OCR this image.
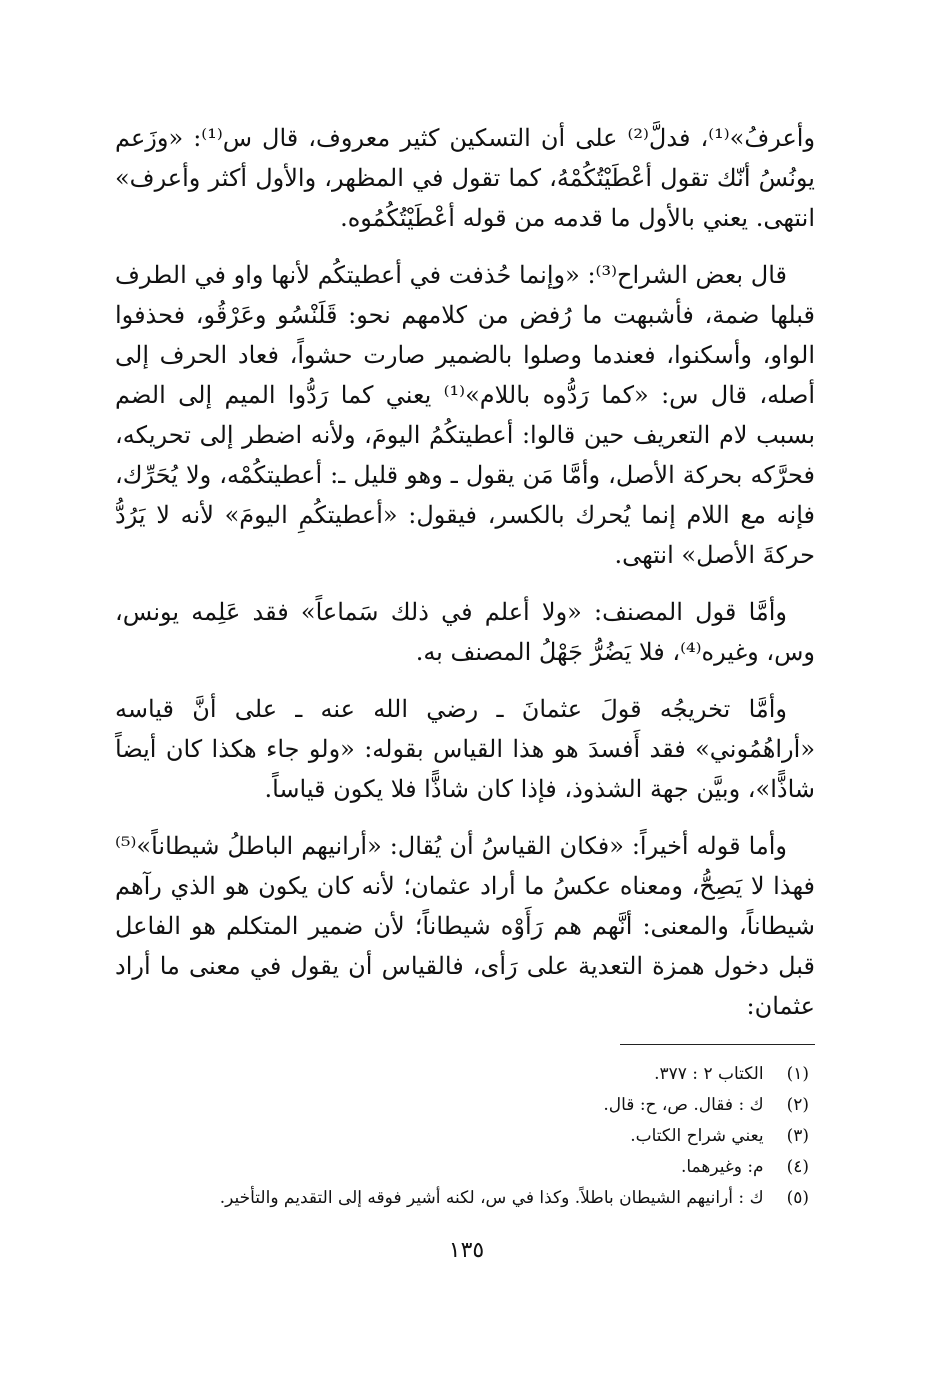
وأعرفُ»⁽¹⁾، فدلَّ⁽²⁾ على أن التسكين كثير معروف، قال س⁽¹⁾: «وزَعم يونُسُ أنّك تقول أعْطَيْتُكُمْهُ، كما تقول في المظهر، والأول أكثر وأعرف» انتهى. يعني بالأول ما قدمه من قوله أعْطَيْتُكُمُوه.

قال بعض الشراح⁽³⁾: «وإنما حُذفت في أعطيتكُم لأنها واو في الطرف قبلها ضمة، فأشبهت ما رُفض من كلامهم نحو: قَلَنْسُو وعَرْقُو، فحذفوا الواو، وأسكنوا، فعندما وصلوا بالضمير صارت حشواً، فعاد الحرف إلى أصله، قال س: «كما رَدُّوه باللام»⁽¹⁾ يعني كما رَدُّوا الميم إلى الضم بسبب لام التعريف حين قالوا: أعطيتكُمُ اليومَ، ولأنه اضطر إلى تحريكه، فحرَّكه بحركة الأصل، وأمَّا مَن يقول ـ وهو قليل ـ: أعطيتكُمْه، ولا يُحَرِّك، فإنه مع اللام إنما يُحرك بالكسر، فيقول: «أعطيتكُمِ اليومَ» لأنه لا يَرُدُّ حركةَ الأصل» انتهى.

وأمَّا قول المصنف: «ولا أعلم في ذلك سَماعاً» فقد عَلِمه يونس، وس، وغيره⁽⁴⁾، فلا يَضُرُّ جَهْلُ المصنف به.

وأمَّا تخريجُه قولَ عثمانَ ـ رضي الله عنه ـ على أنَّ قياسه «أراهُمُوني» فقد أَفسدَ هو هذا القياس بقوله: «ولو جاء هكذا كان أيضاً شاذًّا»، وبيَّن جهة الشذوذ، فإذا كان شاذًّا فلا يكون قياساً.

وأما قوله أخيراً: «فكان القياسُ أن يُقال: «أرانيهم الباطلُ شيطاناً»⁽⁵⁾ فهذا لا يَصِحُّ، ومعناه عكسُ ما أراد عثمان؛ لأنه كان يكون هو الذي رآهم شيطاناً، والمعنى: أنَّهم هم رَأَوْه شيطاناً؛ لأن ضمير المتكلم هو الفاعل قبل دخول همزة التعدية على رَأى، فالقياس أن يقول في معنى ما أراد عثمان:

(١) الكتاب ٢ : ٣٧٧.
(٢) ك : فقال. ص، ح: قال.
(٣) يعني شراح الكتاب.
(٤) م: وغيرهما.
(٥) ك : أرانيهم الشيطان باطلاً. وكذا في س، لكنه أشير فوقه إلى التقديم والتأخير.
١٣٥
